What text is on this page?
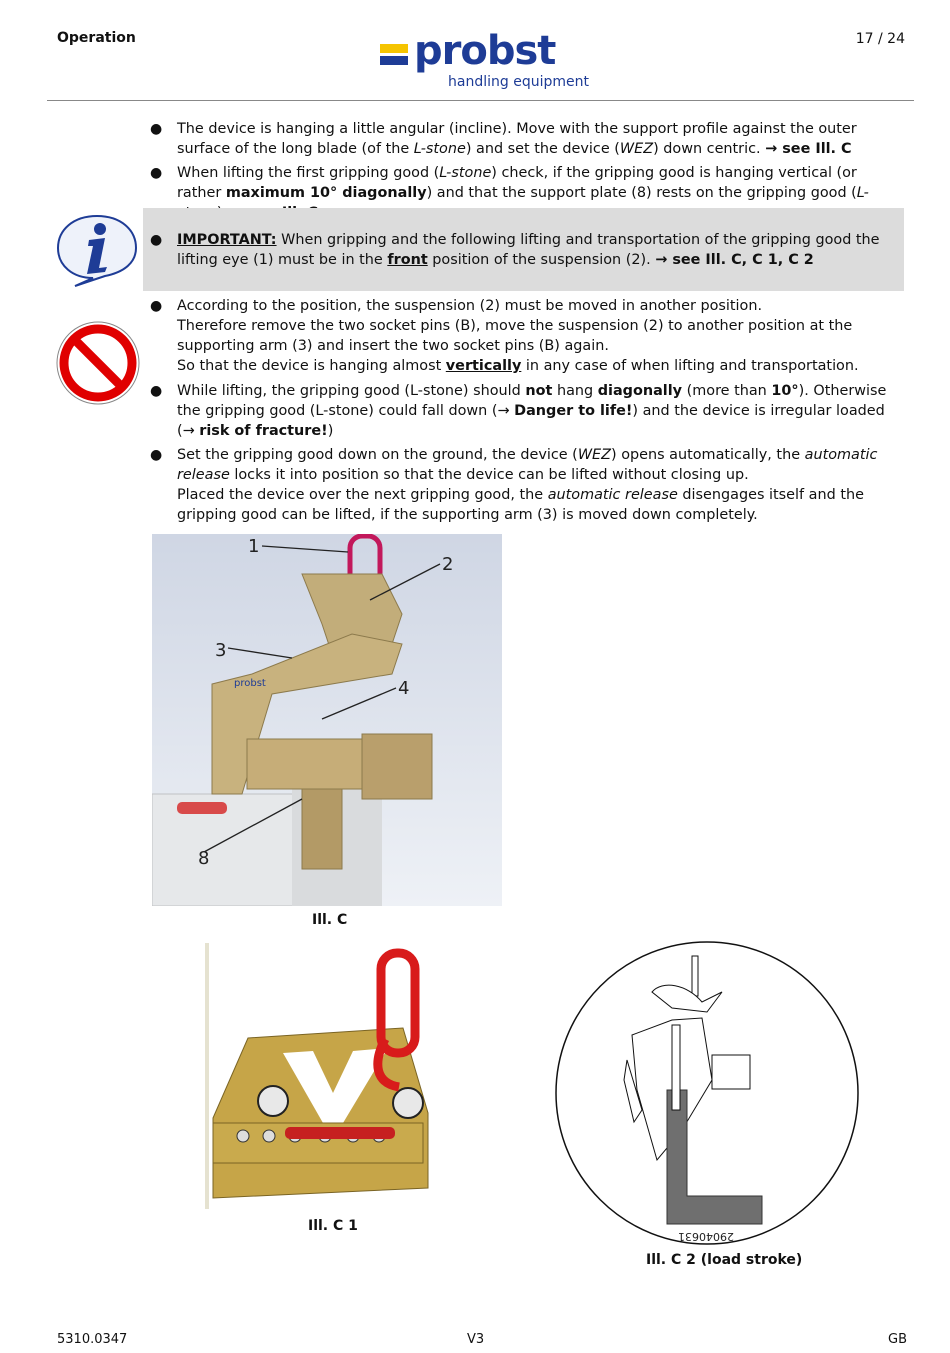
Operation	17 / 24
probst
handling equipment
● The device is hanging a little angular (incline). Move with the support profile against the outer surface of the long blade (of the L-stone) and set the device (WEZ) down centric. → see Ill. C
● When lifting the first gripping good (L-stone) check, if the gripping good is hanging vertical (or rather maximum 10° diagonally) and that the support plate (8) rests on the gripping good (L-
● IMPORTANT: When gripping and the following lifting and transportation of the gripping good the lifting eye (1) must be in the front position of the suspension (2). → see Ill. C, C 1, C 2
● According to the position, the suspension (2) must be moved in another position.
Therefore remove the two socket pins (B), move the suspension (2) to another position at the supporting arm (3) and insert the two socket pins (B) again.
So that the device is hanging almost vertically in any case of when lifting and transportation.
● While lifting, the gripping good (L-stone) should not hang diagonally (more than 10°). Otherwise the gripping good (L-stone) could fall down (→ Danger to life!) and the device is irregular loaded (→ risk of fracture!)
● Set the gripping good down on the ground, the device (WEZ) opens automatically, the automatic release locks it into position so that the device can be lifted without closing up.
Placed the device over the next gripping good, the automatic release disengages itself and the gripping good can be lifted, if the supporting arm (3) is moved down completely.
probst
1
2
3
4
8
Ill. C
Ill. C 1
29040631
Ill. C 2 (load stroke)
5310.0347	V3	GB
